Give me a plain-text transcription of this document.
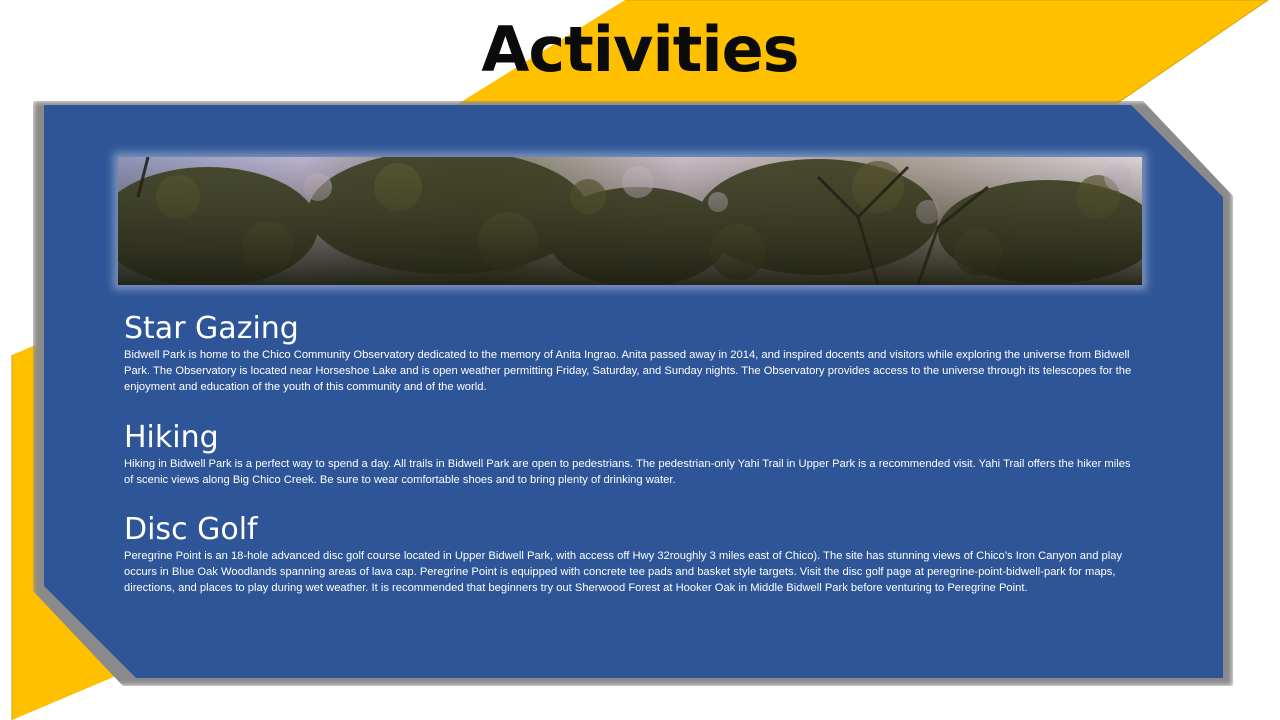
Activities
Star Gazing

Bidwell Park is home to the Chico Community Observatory dedicated to the memory of Anita Ingrao. Anita passed away in 2014, and inspired docents and visitors while exploring the universe from Bidwell Park. The Observatory is located near Horseshoe Lake and is open weather permitting Friday, Saturday, and Sunday nights. The Observatory provides access to the universe through its telescopes for the enjoyment and education of the youth of this community and of the world.

Hiking

Hiking in Bidwell Park is a perfect way to spend a day. All trails in Bidwell Park are open to pedestrians. The pedestrian-only Yahi Trail in Upper Park is a recommended visit. Yahi Trail offers the hiker miles of scenic views along Big Chico Creek. Be sure to wear comfortable shoes and to bring plenty of drinking water.

Disc Golf

Peregrine Point is an 18-hole advanced disc golf course located in Upper Bidwell Park, with access off Hwy 32roughly 3 miles east of Chico). The site has stunning views of Chico’s Iron Canyon and play occurs in Blue Oak Woodlands spanning areas of lava cap. Peregrine Point is equipped with concrete tee pads and basket style targets. Visit the disc golf page at peregrine-point-bidwell-park for maps, directions, and places to play during wet weather. It is recommended that beginners try out Sherwood Forest at Hooker Oak in Middle Bidwell Park before venturing to Peregrine Point.
